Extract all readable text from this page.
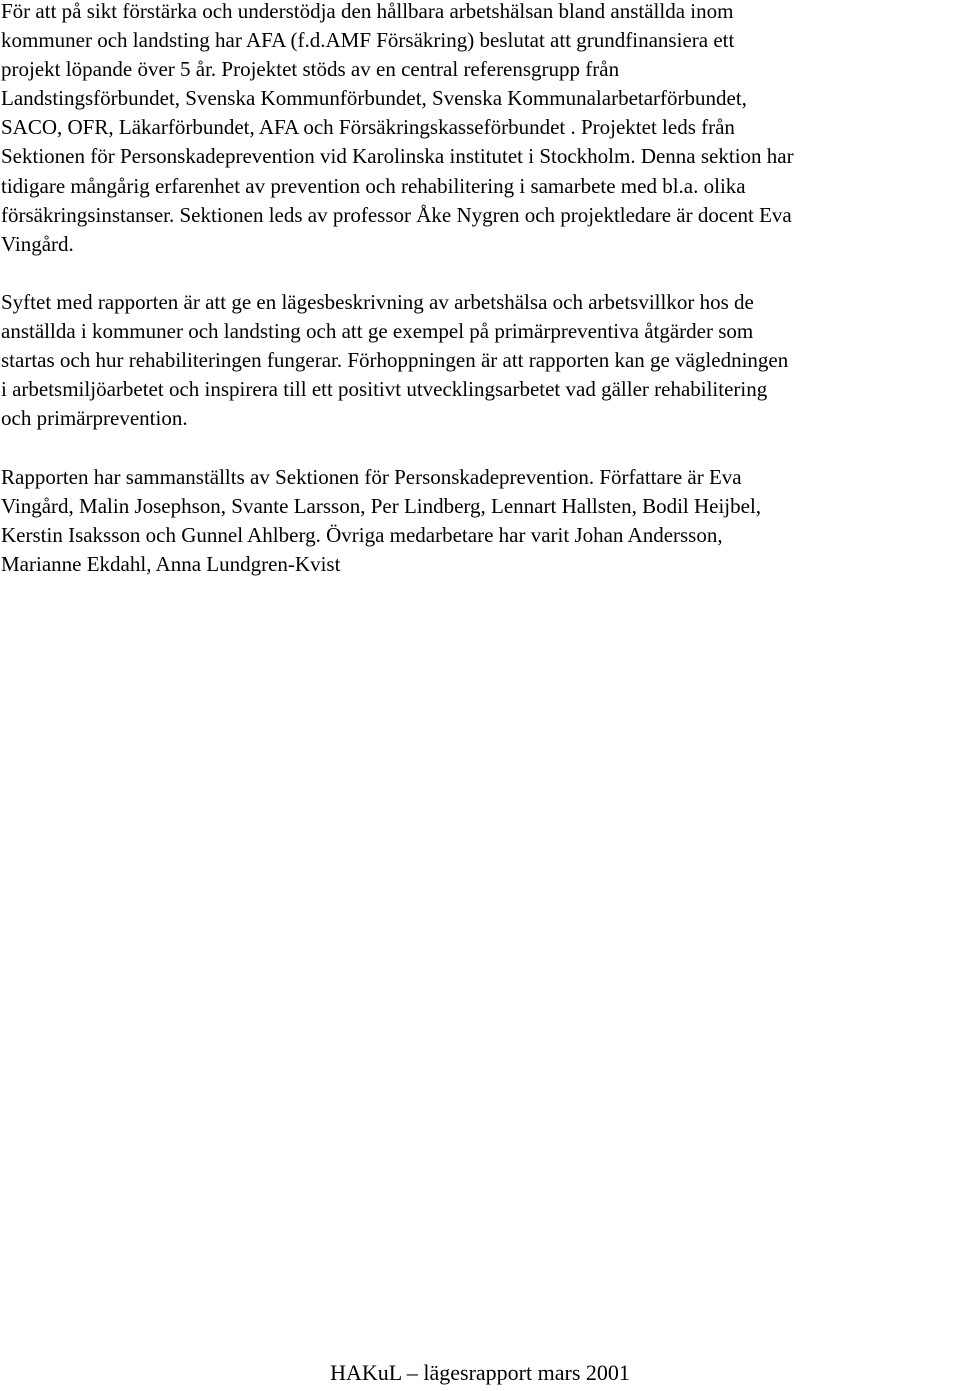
För att på sikt förstärka och understödja den hållbara arbetshälsan bland anställda inom
kommuner och landsting har AFA (f.d.AMF Försäkring) beslutat att grundfinansiera ett
projekt löpande över 5 år. Projektet stöds av en central referensgrupp från
Landstingsförbundet, Svenska Kommunförbundet, Svenska Kommunalarbetarförbundet,
SACO, OFR, Läkarförbundet, AFA och Försäkringskasseförbundet . Projektet leds från
Sektionen för Personskadeprevention vid Karolinska institutet i Stockholm. Denna sektion har
tidigare mångårig erfarenhet av prevention och rehabilitering i samarbete med bl.a. olika
försäkringsinstanser. Sektionen leds av professor Åke Nygren och projektledare är docent Eva
Vingård.

Syftet med rapporten är att ge en lägesbeskrivning av arbetshälsa och arbetsvillkor hos de
anställda i kommuner och landsting och att ge exempel på primärpreventiva åtgärder som
startas och hur rehabiliteringen fungerar. Förhoppningen är att rapporten kan ge vägledningen
i arbetsmiljöarbetet och inspirera till ett positivt utvecklingsarbetet vad gäller rehabilitering
och primärprevention.

Rapporten har sammanställts av Sektionen för Personskadeprevention. Författare är Eva
Vingård, Malin Josephson, Svante Larsson, Per Lindberg, Lennart Hallsten, Bodil Heijbel,
Kerstin Isaksson och Gunnel Ahlberg. Övriga medarbetare har varit Johan Andersson,
Marianne Ekdahl, Anna Lundgren-Kvist

HAKuL – lägesrapport mars 2001
